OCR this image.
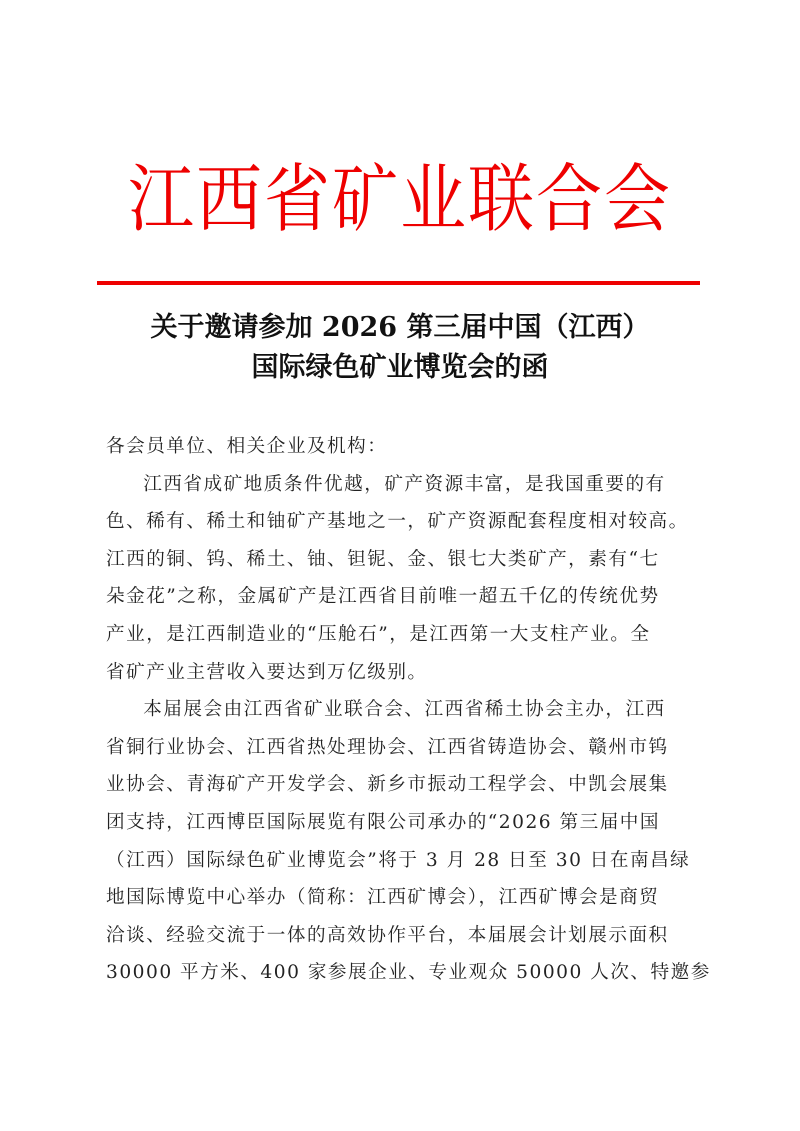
江西省矿业联合会
关于邀请参加 2026 第三届中国（江西）
国际绿色矿业博览会的函

各会员单位、相关企业及机构：

江西省成矿地质条件优越，矿产资源丰富，是我国重要的有
色、稀有、稀土和铀矿产基地之一，矿产资源配套程度相对较高。
江西的铜、钨、稀土、铀、钽铌、金、银七大类矿产，素有“七
朵金花”之称，金属矿产是江西省目前唯一超五千亿的传统优势
产业，是江西制造业的“压舱石”，是江西第一大支柱产业。全
省矿产业主营收入要达到万亿级别。

本届展会由江西省矿业联合会、江西省稀土协会主办，江西
省铜行业协会、江西省热处理协会、江西省铸造协会、赣州市钨
业协会、青海矿产开发学会、新乡市振动工程学会、中凯会展集
团支持，江西博臣国际展览有限公司承办的“2026 第三届中国
（江西）国际绿色矿业博览会”将于 3 月 28 日至 30 日在南昌绿
地国际博览中心举办（简称：江西矿博会），江西矿博会是商贸
洽谈、经验交流于一体的高效协作平台，本届展会计划展示面积
30000 平方米、400 家参展企业、专业观众 50000 人次、特邀参
